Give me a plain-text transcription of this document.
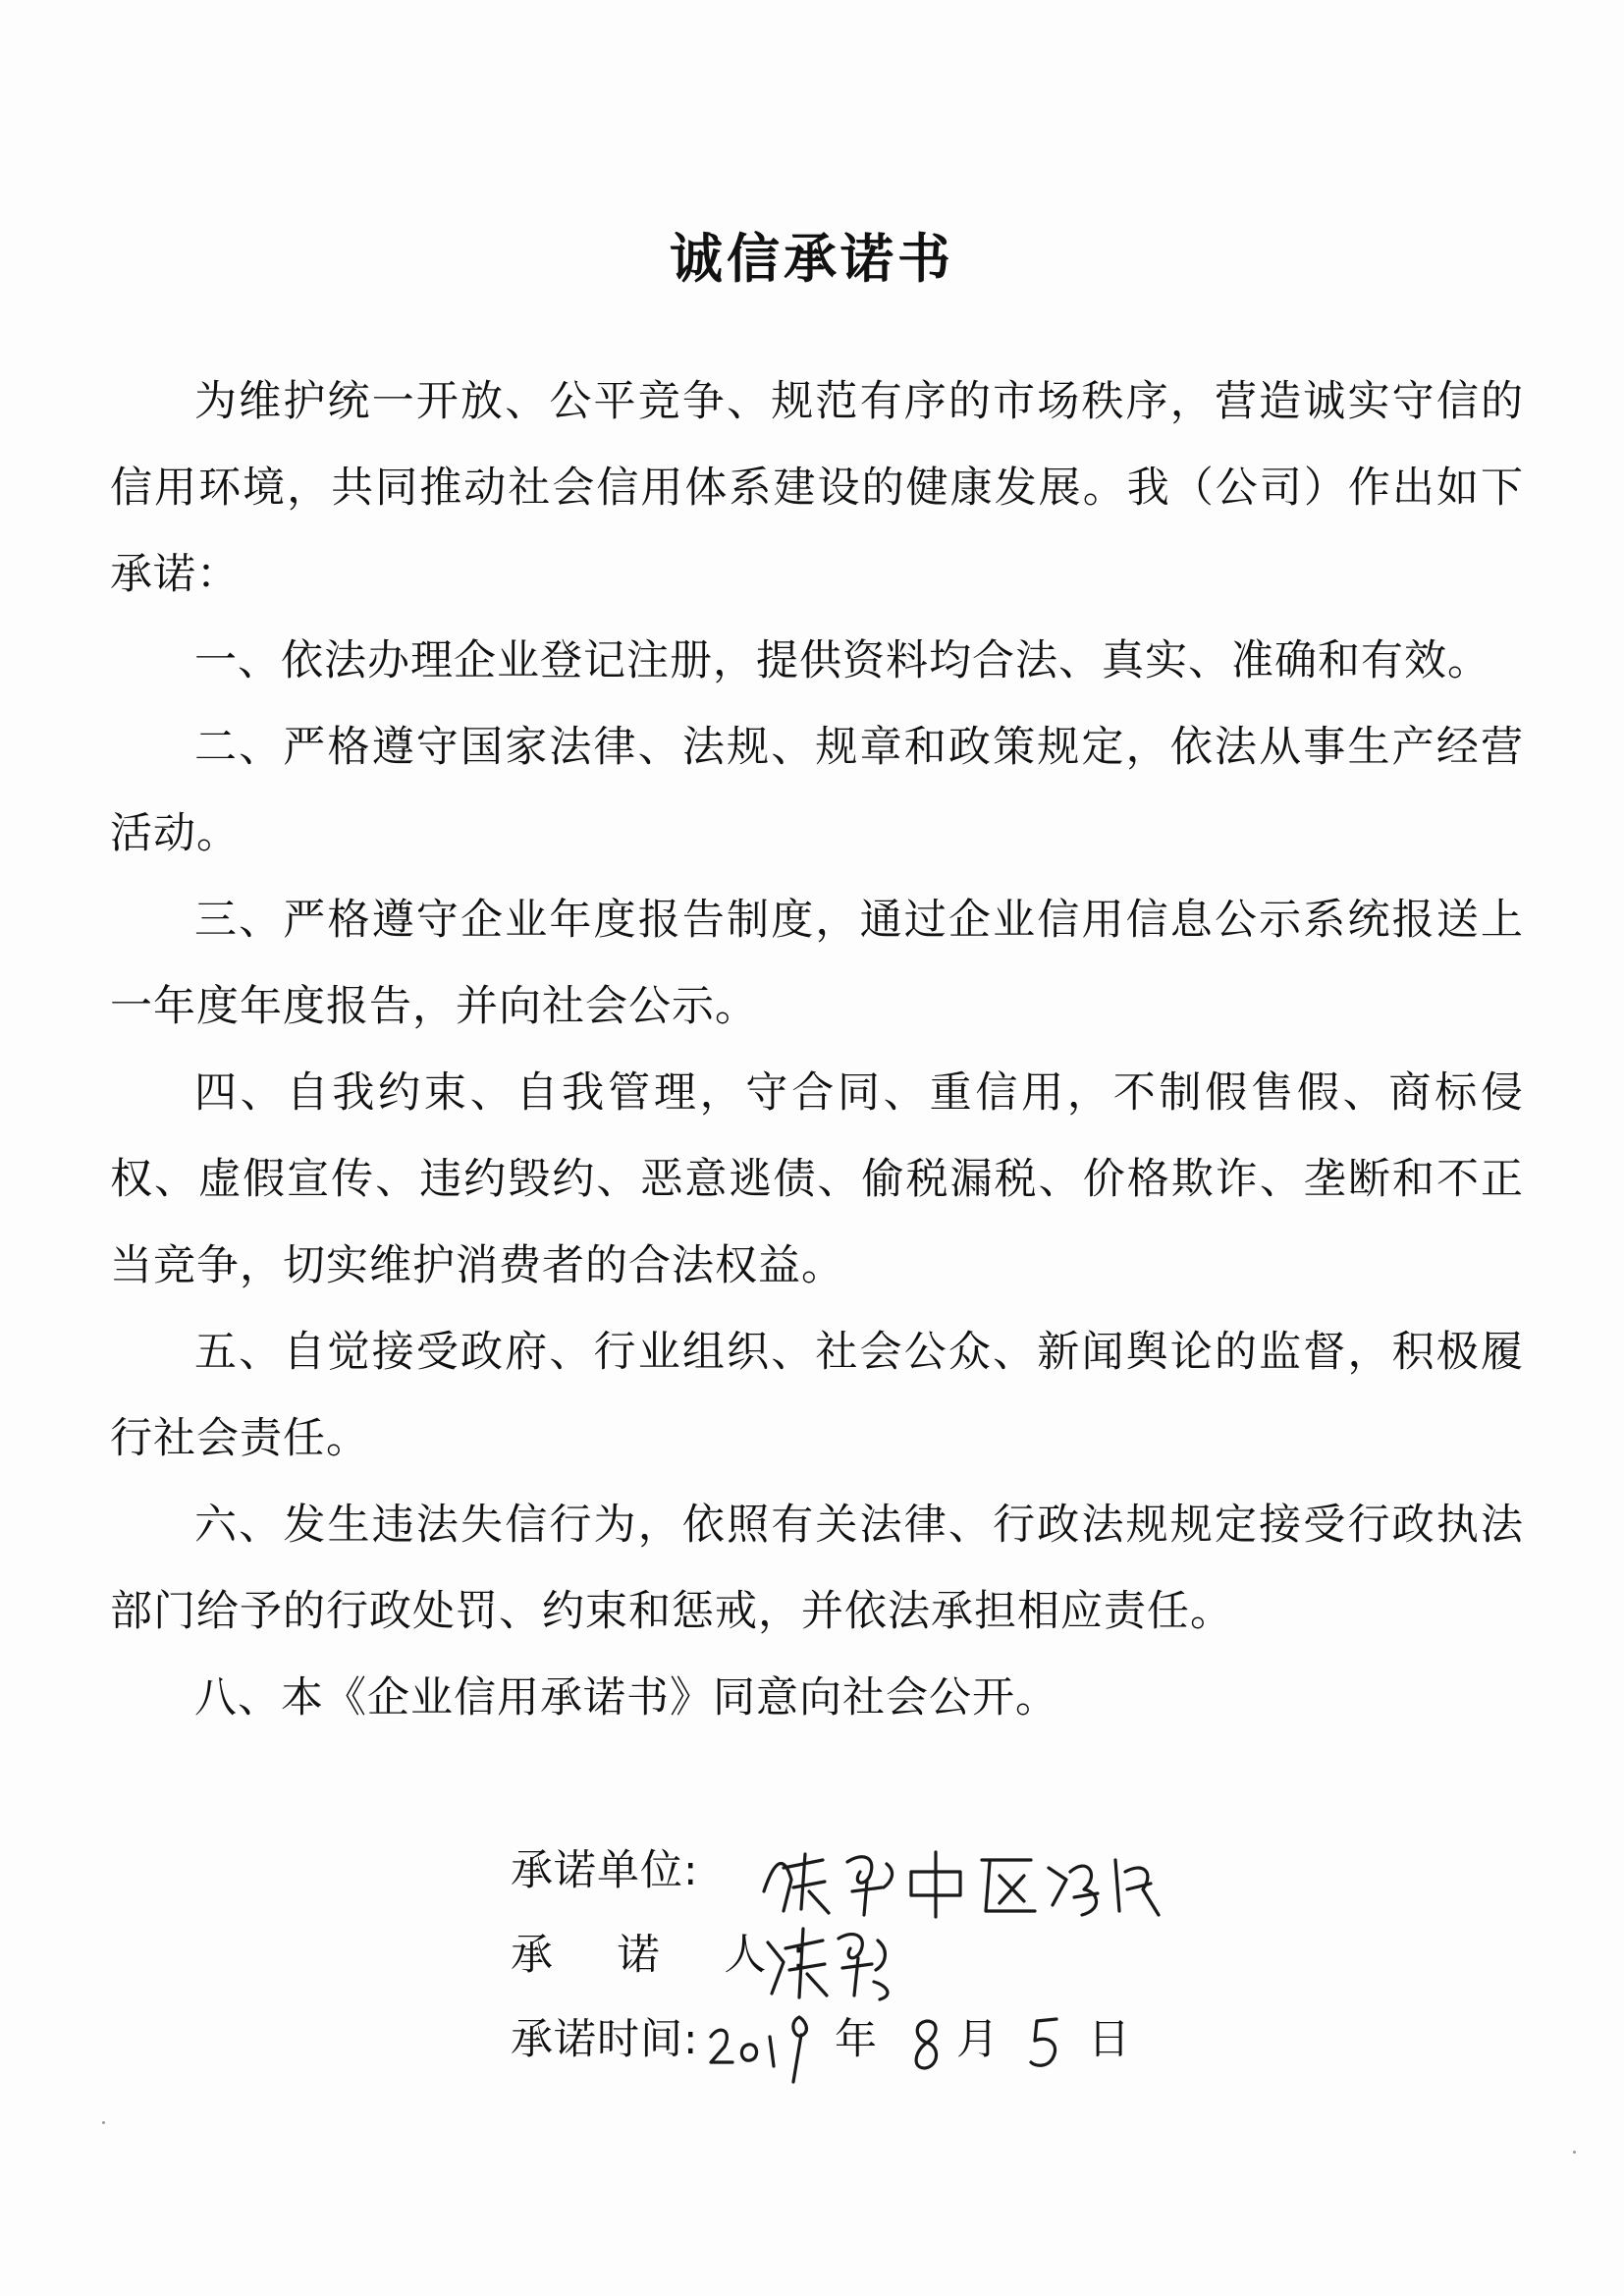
诚信承诺书

为维护统一开放、公平竞争、规范有序的市场秩序，营造诚实守信的信用环境，共同推动社会信用体系建设的健康发展。我（公司）作出如下承诺：

一、依法办理企业登记注册，提供资料均合法、真实、准确和有效。

二、严格遵守国家法律、法规、规章和政策规定，依法从事生产经营活动。

三、严格遵守企业年度报告制度，通过企业信用信息公示系统报送上一年度年度报告，并向社会公示。

四、自我约束、自我管理，守合同、重信用，不制假售假、商标侵权、虚假宣传、违约毁约、恶意逃债、偷税漏税、价格欺诈、垄断和不正当竞争，切实维护消费者的合法权益。

五、自觉接受政府、行业组织、社会公众、新闻舆论的监督，积极履行社会责任。

六、发生违法失信行为，依照有关法律、行政法规规定接受行政执法部门给予的行政处罚、约束和惩戒，并依法承担相应责任。

八、本《企业信用承诺书》同意向社会公开。

承诺单位:
承 诺 人:
承诺时间:	年 月 日
